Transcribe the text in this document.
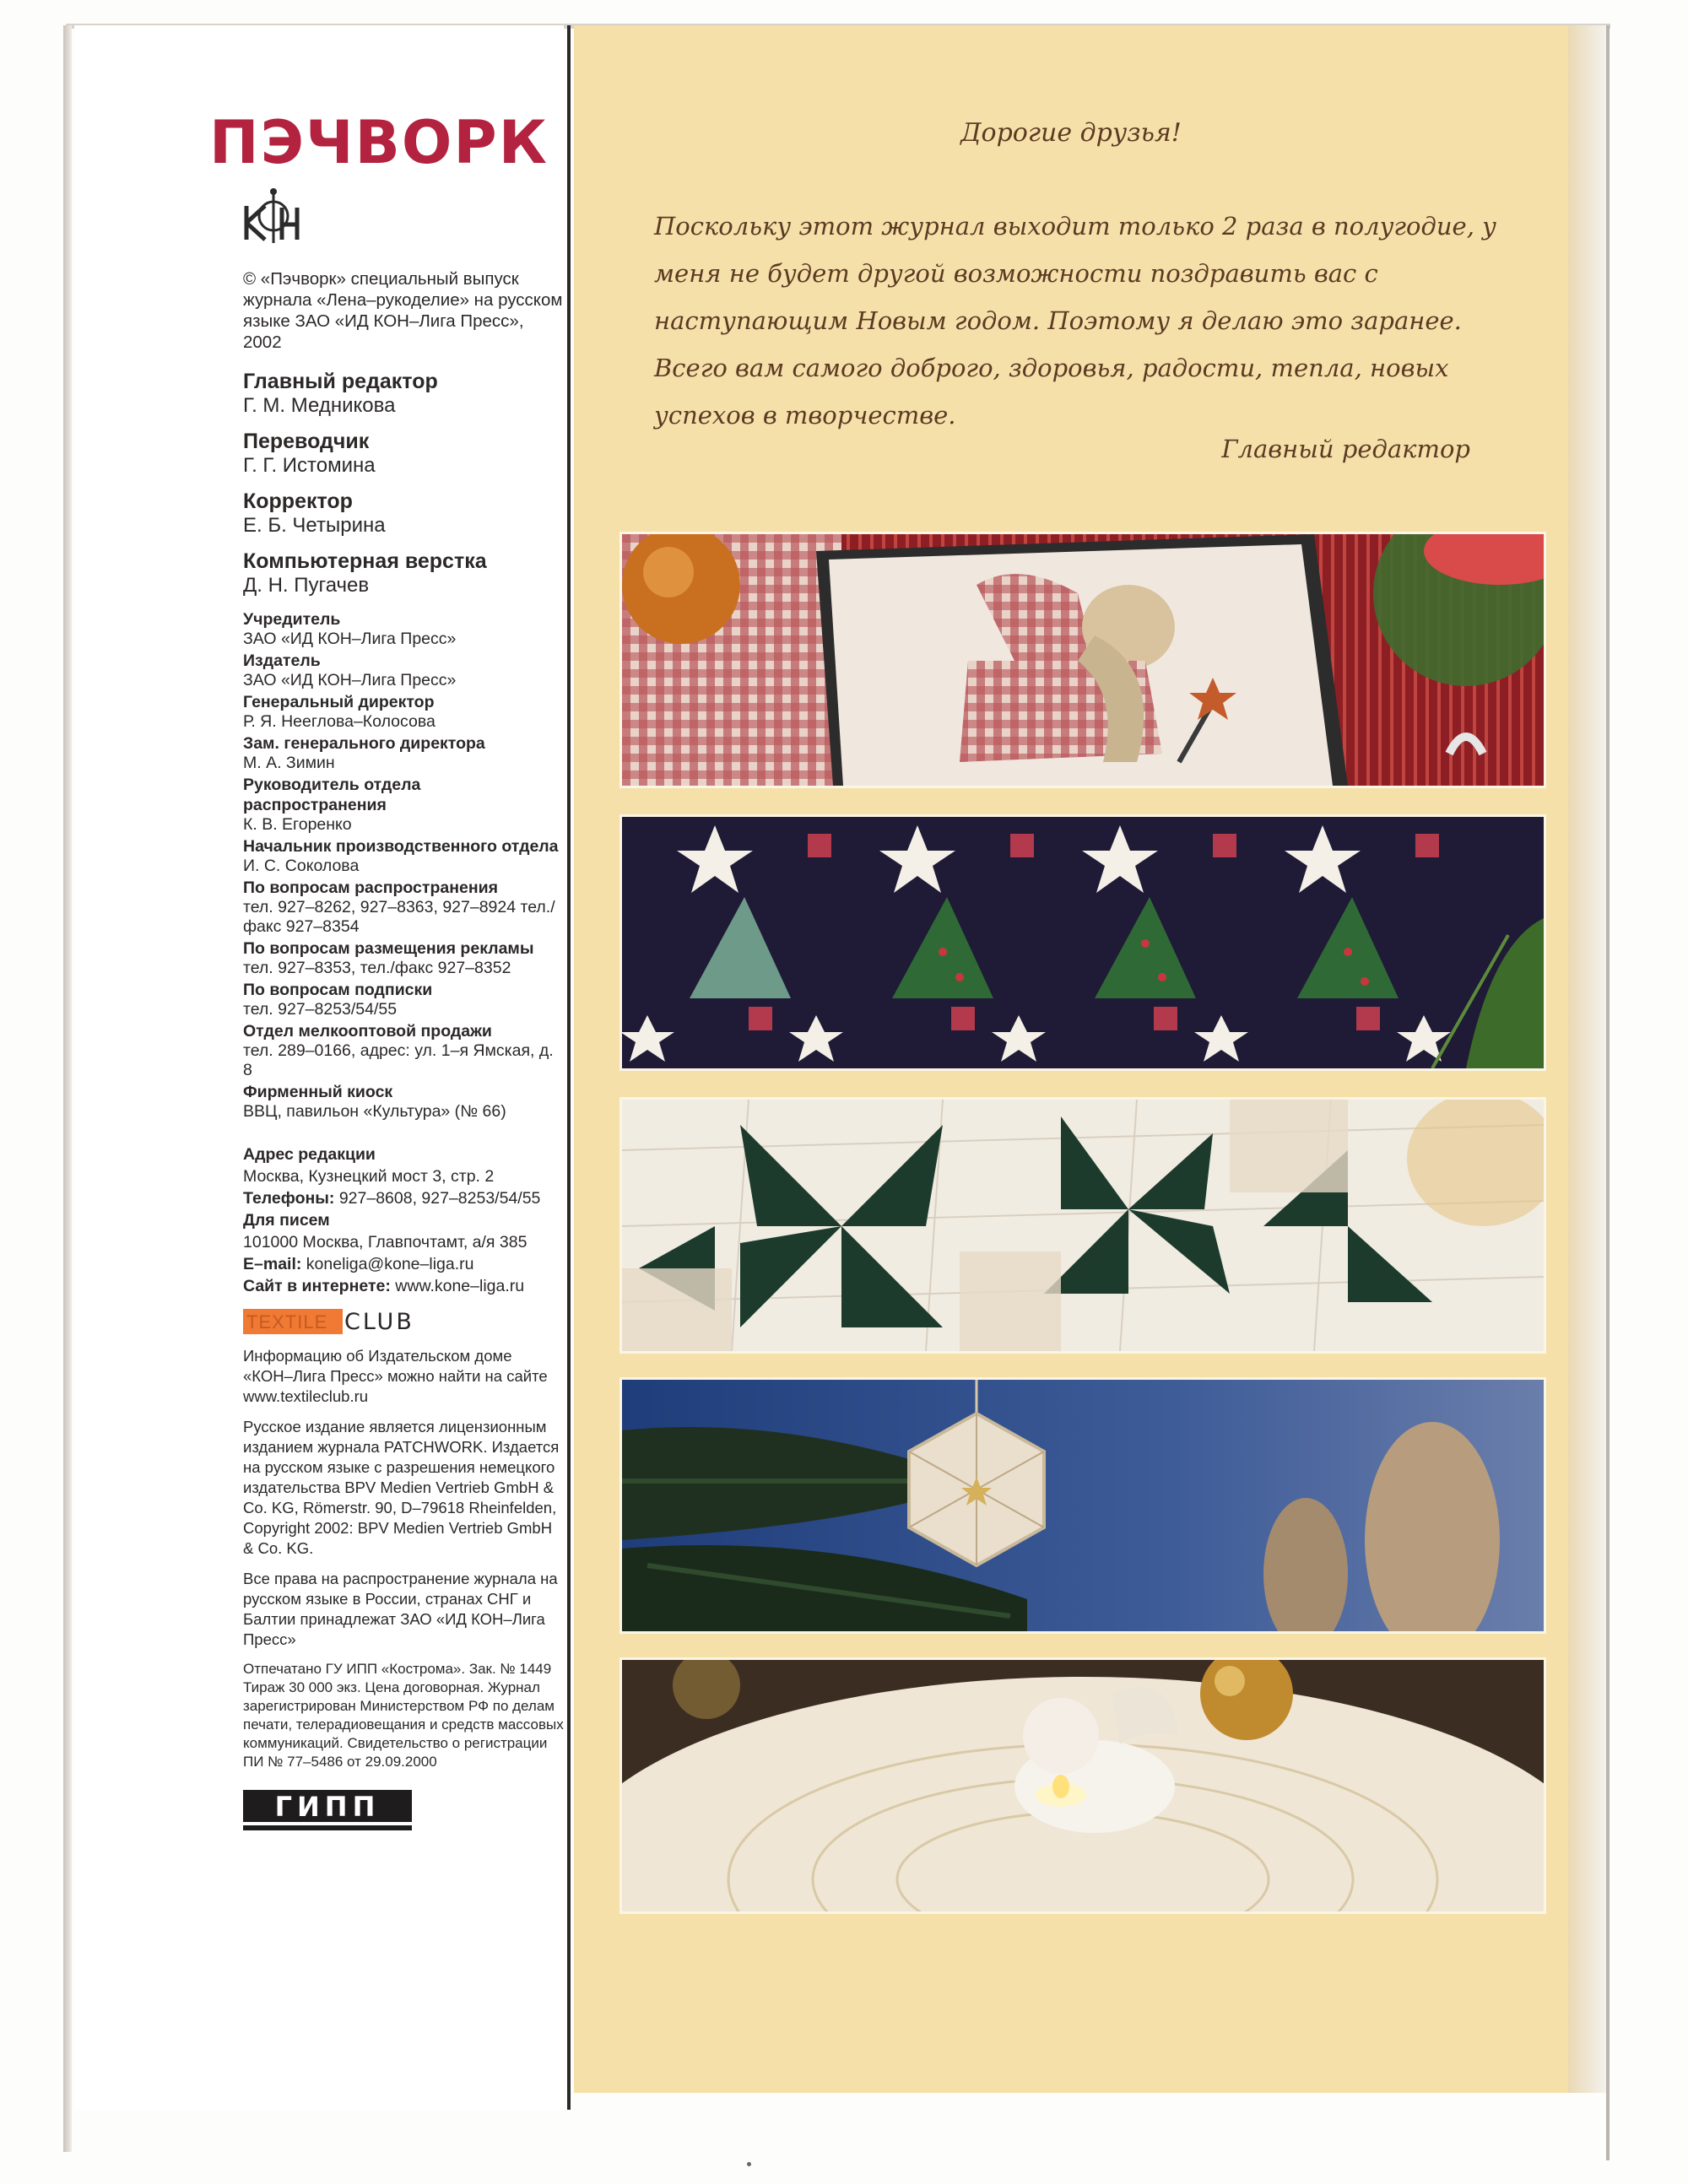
ПЭЧВОРК

© «Пэчворк» специальный выпуск журнала «Лена–рукоделие» на русском языке ЗАО «ИД КОН–Лига Пресс», 2002

Главный редактор
Г. М. Медникова
Переводчик
Г. Г. Истомина
Корректор
Е. Б. Четырина
Компьютерная верстка
Д. Н. Пугачев
Учредитель
ЗАО «ИД КОН–Лига Пресс»
Издатель
ЗАО «ИД КОН–Лига Пресс»
Генеральный директор
Р. Я. Нееглова–Колосова
Зам. генерального директора
М. А. Зимин
Руководитель отдела распространения
К. В. Егоренко
Начальник производственного отдела
И. С. Соколова
По вопросам распространения
тел. 927–8262, 927–8363, 927–8924 тел./факс 927–8354
По вопросам размещения рекламы
тел. 927–8353, тел./факс 927–8352
По вопросам подписки
тел. 927–8253/54/55
Отдел мелкооптовой продажи
тел. 289–0166, адрес: ул. 1–я Ямская, д. 8
Фирменный киоск
ВВЦ, павильон «Культура» (№ 66)
Адрес редакции
Москва, Кузнецкий мост 3, стр. 2
Телефоны: 927–8608, 927–8253/54/55
Для писем
101000 Москва, Главпочтамт, а/я 385
E–mail: koneliga@kone–liga.ru
Сайт в интернете: www.kone–liga.ru
TEXTILE CLUB

Информацию об Издательском доме «КОН–Лига Пресс» можно найти на сайте www.textileclub.ru

Русское издание является лицензионным изданием журнала PATCHWORK. Издается на русском языке с разрешения немецкого издательства BPV Medien Vertrieb GmbH & Co. KG, Römerstr. 90, D–79618 Rheinfelden, Copyright 2002: BPV Medien Vertrieb GmbH & Co. KG.

Все права на распространение журнала на русском языке в России, странах СНГ и Балтии принадлежат ЗАО «ИД КОН–Лига Пресс»

Отпечатано ГУ ИПП «Кострома». Зак. № 1449 Тираж 30 000 экз. Цена договорная. Журнал зарегистрирован Министерством РФ по делам печати, телерадиовещания и средств массовых коммуникаций. Свидетельство о регистрации ПИ № 77–5486 от 29.09.2000

ГИПП

Дорогие друзья!

Поскольку этот журнал выходит только 2 раза в полугодие, у меня не будет другой возможности поздравить вас с наступающим Новым годом. Поэтому я делаю это заранее. Всего вам самого доброго, здоровья, радости, тепла, новых успехов в творчестве.

Главный редактор
